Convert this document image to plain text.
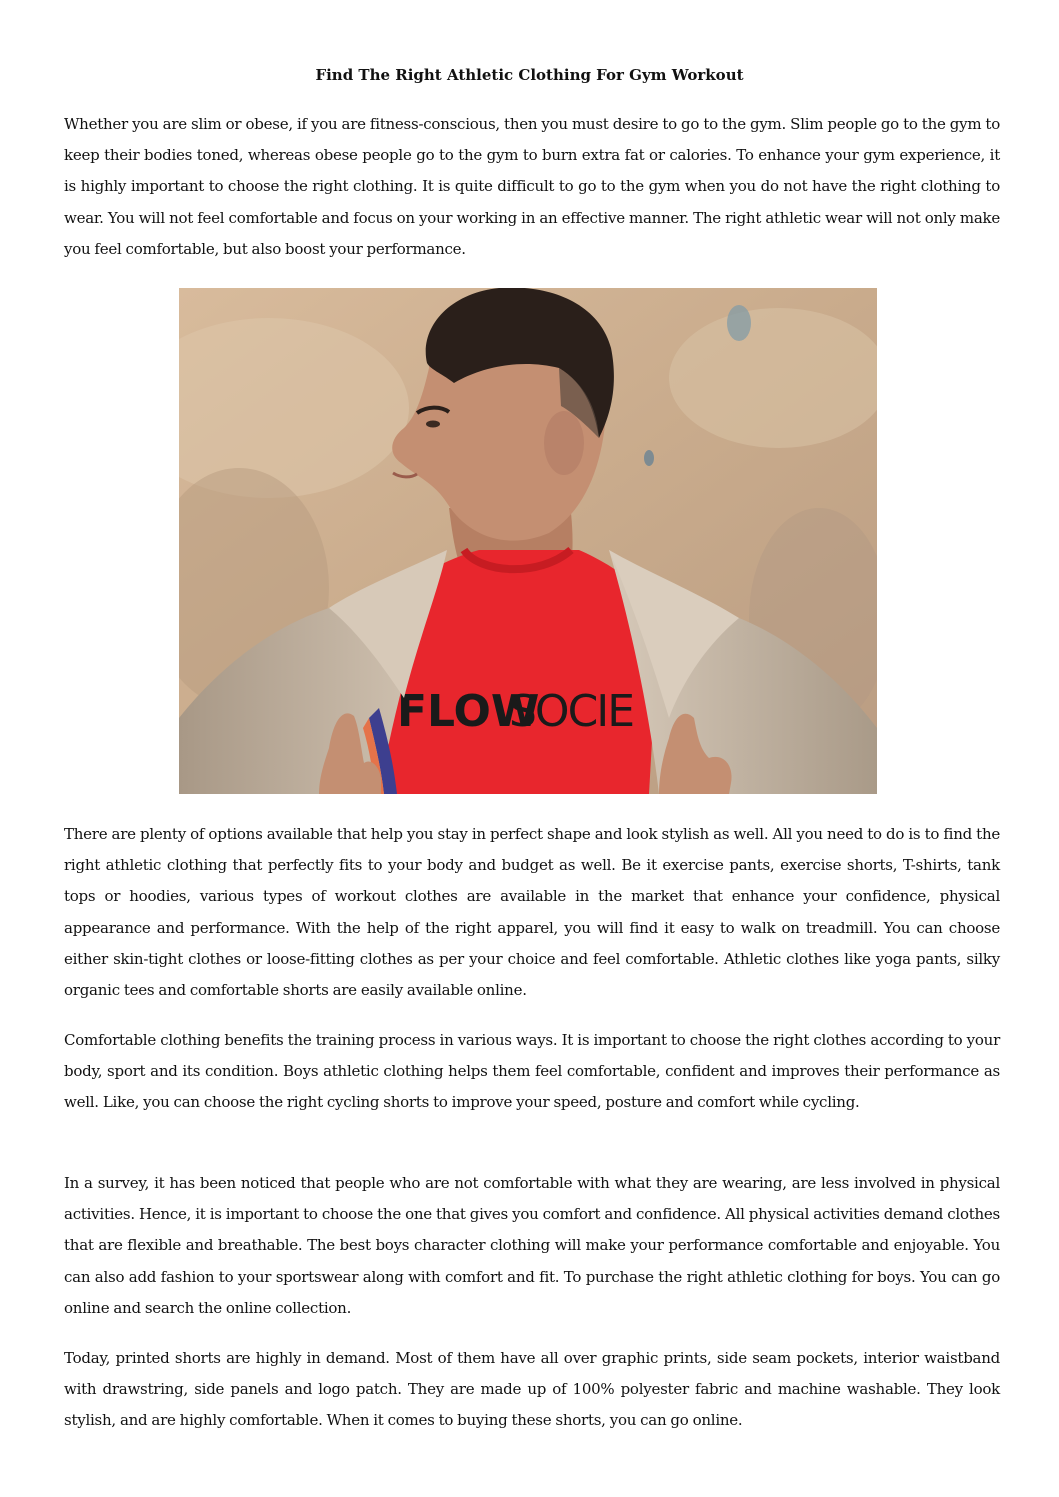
Find The Right Athletic Clothing For Gym Workout

Whether you are slim or obese, if you are fitness-conscious, then you must desire to go to the gym. Slim people go to the gym to keep their bodies toned, whereas obese people go to the gym to burn extra fat or calories. To enhance your gym experience, it is highly important to choose the right clothing. It is quite difficult to go to the gym when you do not have the right clothing to wear. You will not feel comfortable and focus on your working in an effective manner. The right athletic wear will not only make you feel comfortable, but also boost your performance.

FLOW
SOCIE

There are plenty of options available that help you stay in perfect shape and look stylish as well. All you need to do is to find the right athletic clothing that perfectly fits to your body and budget as well. Be it exercise pants, exercise shorts, T-shirts, tank tops or hoodies, various types of workout clothes are available in the market that enhance your confidence, physical appearance and performance. With the help of the right apparel, you will find it easy to walk on treadmill. You can choose either skin-tight clothes or loose-fitting clothes as per your choice and feel comfortable. Athletic clothes like yoga pants, silky organic tees and comfortable shorts are easily available online.

Comfortable clothing benefits the training process in various ways. It is important to choose the right clothes according to your body, sport and its condition. Boys athletic clothing helps them feel comfortable, confident and improves their performance as well. Like, you can choose the right cycling shorts to improve your speed, posture and comfort while cycling.

In a survey, it has been noticed that people who are not comfortable with what they are wearing, are less involved in physical activities. Hence, it is important to choose the one that gives you comfort and confidence. All physical activities demand clothes that are flexible and breathable. The best boys character clothing will make your performance comfortable and enjoyable. You can also add fashion to your sportswear along with comfort and fit. To purchase the right athletic clothing for boys. You can go online and search the online collection.

Today, printed shorts are highly in demand. Most of them have all over graphic prints, side seam pockets, interior waistband with drawstring, side panels and logo patch. They are made up of 100% polyester fabric and machine washable. They look stylish, and are highly comfortable. When it comes to buying these shorts, you can go online.
